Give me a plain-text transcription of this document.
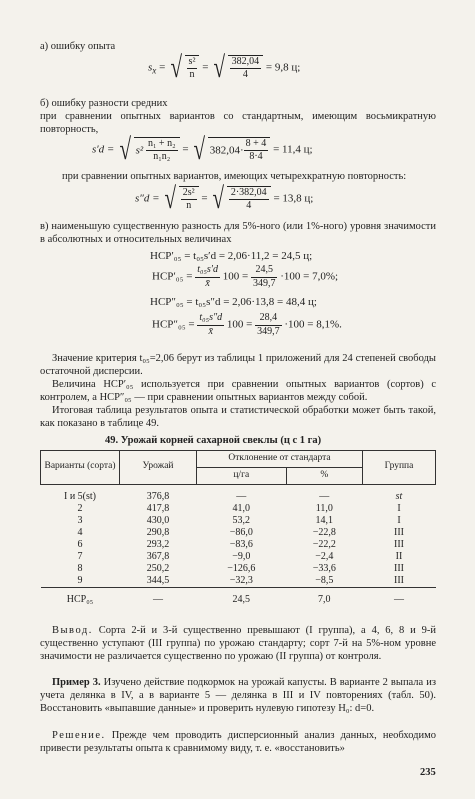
а) ошибку опыта
$s_x$ = √ $\frac{\text{s²}}{n}$ = √ $\frac{382,04}{4} = 9,8$ ц;
б) ошибку разности средних

при сравнении опытных вариантов со стандартным, имеющим восьмикратную повторность,

s′d = √ $s^2 \frac{\text{n₁ + n₂}}{\text{n₁n₂}}$ = √ $382,04\cdot \frac{8 + 4}{8\cdot 4} = 11,4$ ц;
при сравнении опытных вариантов, имеющих четырехкратную повторность:
s″d = √ $\frac{\text{2s²}}{n}$ = √ $\frac{2\cdot 382,04}{4} = 13,8$ ц;

в) наименьшую существенную разность для 5%-ного (или 1%-ного) уровня значимости в абсолютных и относительных величинах

НСР′₀₅ = t₀₅s′d = 2,06·11,2 = 24,5 ц;
$НСР'_{05} = \frac{\text{t₀₅s′d}}{x̄} 100 = \frac{24,5}{349,7} \cdot 100 = 7,0\%$;
НСР″₀₅ = t₀₅s″d = 2,06·13,8 = 48,4 ц;
$НСР''_{05} = \frac{\text{t₀₅s″d}}{x̄} 100 = \frac{28,4}{349,7} \cdot 100 = 8,1\%$.

Значение критерия t₀₅=2,06 берут из таблицы 1 приложений для 24 степеней свободы остаточной дисперсии.

Величина НСР′₀₅ используется при сравнении опытных вариантов (сортов) с контролем, а НСР″₀₅ — при сравнении опытных вариантов между собой.

Итоговая таблица результатов опыта и статистической обработки может быть такой, как показано в таблице 49.

49. Урожай корней сахарной свеклы (ц с 1 га)
Варианты (сорта)	Урожай	Отклонение от стандарта		Группа
		ц/га	%	

I и 5(st)	376,8	—	—	st
2	417,8	41,0	11,0	I
3	430,0	53,2	14,1	I
4	290,8	−86,0	−22,8	III
6	293,2	−83,6	−22,2	III
7	367,8	−9,0	−2,4	II
8	250,2	−126,6	−33,6	III
9	344,5	−32,3	−8,5	III

НСР₀₅	—	24,5	7,0	—

Вывод. Сорта 2-й и 3-й существенно превышают (I группа), а 4, 6, 8 и 9-й существенно уступают (III группа) по урожаю стандарту; сорт 7-й на 5%-ном уровне значимости не различается существенно по урожаю (II группа) от контроля.

Пример 3. Изучено действие подкормок на урожай капусты. В варианте 2 выпала из учета делянка в IV, а в варианте 5 — делянка в III и IV повторениях (табл. 50). Восстановить «выпавшие данные» и проверить нулевую гипотезу H₀: d=0.

Решение. Прежде чем проводить дисперсионный анализ данных, необходимо привести результаты опыта к сравнимому виду, т. е. «восстановить»

235
